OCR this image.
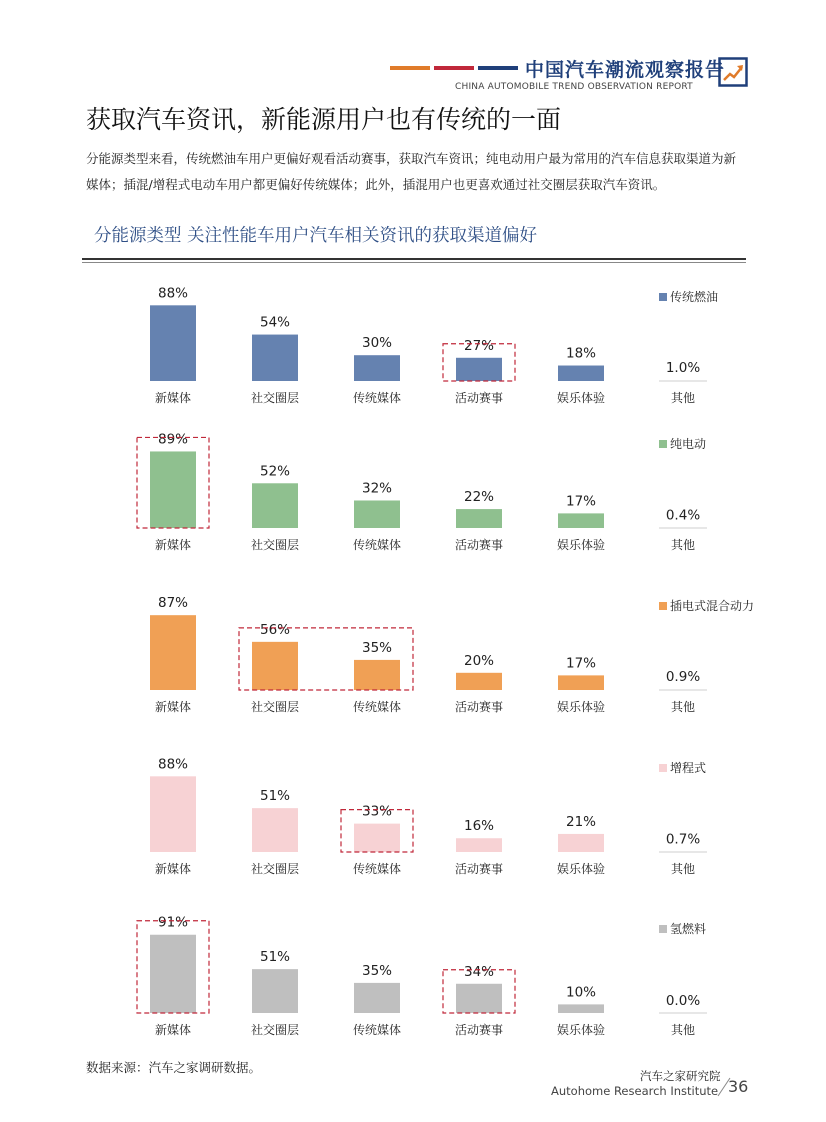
中国汽车潮流观察报告
CHINA AUTOMOBILE TREND OBSERVATION REPORT
获取汽车资讯，新能源用户也有传统的一面
分能源类型来看，传统燃油车用户更偏好观看活动赛事，获取汽车资讯；纯电动用户最为常用的汽车信息获取渠道为新媒体；插混/增程式电动车用户都更偏好传统媒体；此外，插混用户也更喜欢通过社交圈层获取汽车资讯。
分能源类型 关注性能车用户汽车相关资讯的获取渠道偏好
88%
新媒体
54%
社交圈层
30%
传统媒体
27%
活动赛事
18%
娱乐体验
1.0%
其他
传统燃油
89%
新媒体
52%
社交圈层
32%
传统媒体
22%
活动赛事
17%
娱乐体验
0.4%
其他
纯电动
87%
新媒体
56%
社交圈层
35%
传统媒体
20%
活动赛事
17%
娱乐体验
0.9%
其他
插电式混合动力
88%
新媒体
51%
社交圈层
33%
传统媒体
16%
活动赛事
21%
娱乐体验
0.7%
其他
增程式
91%
新媒体
51%
社交圈层
35%
传统媒体
34%
活动赛事
10%
娱乐体验
0.0%
其他
氢燃料
数据来源：汽车之家调研数据。
汽车之家研究院
Autohome Research Institute 36
